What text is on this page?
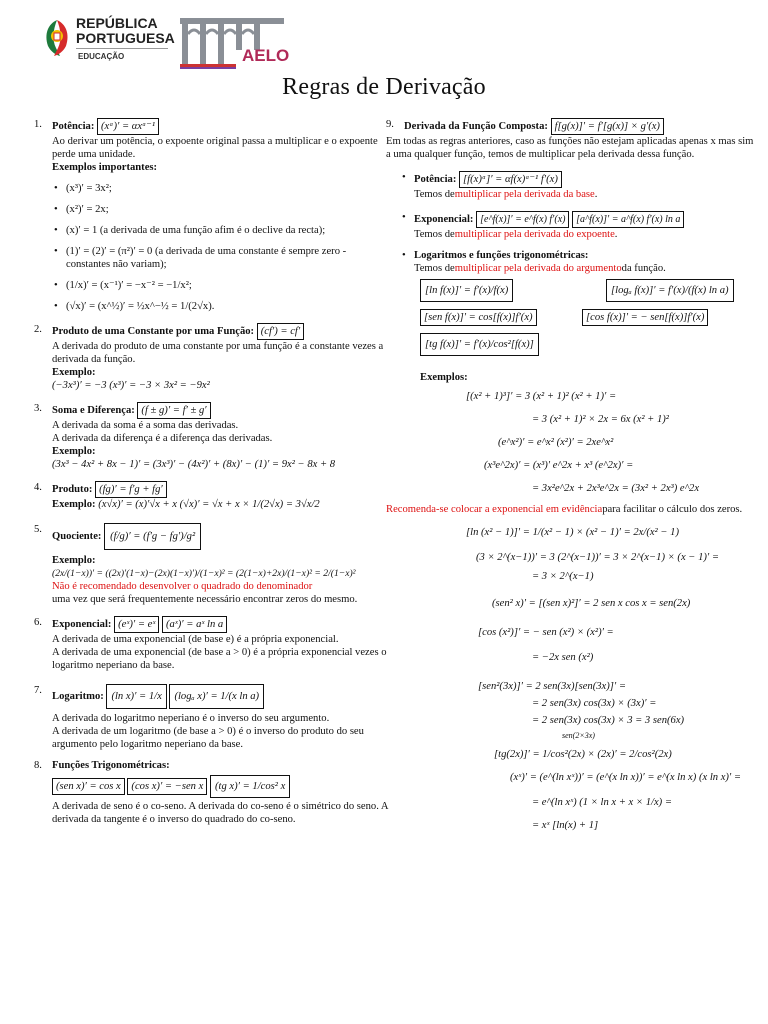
REPÚBLICA
PORTUGUESA
EDUCAÇÃO	AELO
Regras de Derivação
1. Potência: (xᵅ)′ = αxᵅ⁻¹
Ao derivar um potência, o expoente original passa a multiplicar e o expoente perde uma unidade.
Exemplos importantes:
• (x³)′ = 3x²;
• (x²)′ = 2x;
• (x)′ = 1 (a derivada de uma função afim é o declive da recta);
• (1)′ = (2)′ = (π²)′ = 0 (a derivada de uma constante é sempre zero - constantes não variam);
• (1/x)′ = (x⁻¹)′ = −x⁻² = −1/x²;
• (√x)′ = (x^½)′ = ½x^−½ = 1/(2√x).
2. Produto de uma Constante por uma Função: (cf′) = cf′
A derivada do produto de uma constante por uma função é a constante vezes a derivada da função.
Exemplo:
(−3x³)′ = −3 (x³)′ = −3 × 3x² = −9x²
3. Soma e Diferença: (f ± g)′ = f′ ± g′
A derivada da soma é a soma das derivadas.
A derivada da diferença é a diferença das derivadas.
Exemplo:
(3x³ − 4x² + 8x − 1)′ = (3x³)′ − (4x²)′ + (8x)′ − (1)′ = 9x² − 8x + 8
4. Produto: (fg)′ = f′g + fg′
Exemplo: (x√x)′ = (x)′√x + x (√x)′ = √x + x × 1/(2√x) = 3√x/2
5.
Quociente: (f/g)′ = (f′g − fg′)/g²
Exemplo:
(2x/(1−x))′ = ((2x)′(1−x)−(2x)(1−x)′)/(1−x)² = (2(1−x)+2x)/(1−x)² = 2/(1−x)²
Não é recomendado desenvolver o quadrado do denominador
uma vez que será frequentemente necessário encontrar zeros do mesmo.
6. Exponencial: (eˣ)′ = eˣ (aˣ)′ = aˣ ln a
A derivada de uma exponencial (de base e) é a própria exponencial.
A derivada de uma exponencial (de base a > 0) é a própria exponencial vezes o logaritmo neperiano da base.
7.
Logaritmo: (ln x)′ = 1/x (logₐ x)′ = 1/(x ln a)
A derivada do logaritmo neperiano é o inverso do seu argumento.
A derivada de um logaritmo (de base a > 0) é o inverso do produto do seu argumento pelo logaritmo neperiano da base.
8. Funções Trigonométricas:
(sen x)′ = cos x (cos x)′ = −sen x (tg x)′ = 1/cos² x
A derivada de seno é o co-seno. A derivada do co-seno é o simétrico do seno. A derivada da tangente é o inverso do quadrado do co-seno.
9. Derivada da Função Composta: f[g(x)]′ = f′[g(x)] × g′(x)
Em todas as regras anteriores, caso as funções não estejam aplicadas apenas x mas sim a uma qualquer função, temos de multiplicar pela derivada dessa função.
• Potência: [f(x)ᵅ]′ = αf(x)ᵅ⁻¹ f′(x)
Temos demultiplicar pela derivada da base.
• Exponencial: [e^f(x)]′ = e^f(x) f′(x) [a^f(x)]′ = a^f(x) f′(x) ln a
Temos demultiplicar pela derivada do expoente.
• Logaritmos e funções trigonométricas:
Temos demultiplicar pela derivada do argumentoda função.
[ln f(x)]′ = f′(x)/f(x)	[logₐ f(x)]′ = f′(x)/(f(x) ln a)
[sen f(x)]′ = cos[f(x)]f′(x)	[cos f(x)]′ = − sen[f(x)]f′(x)
[tg f(x)]′ = f′(x)/cos²[f(x)]
Exemplos:
[(x² + 1)³]′ = 3 (x² + 1)² (x² + 1)′ =
= 3 (x² + 1)² × 2x = 6x (x² + 1)²
(e^x²)′ = e^x² (x²)′ = 2xe^x²
(x³e^2x)′ = (x³)′ e^2x + x³ (e^2x)′ =
= 3x²e^2x + 2x³e^2x = (3x² + 2x³) e^2x
Recomenda-se colocar a exponencial em evidênciapara facilitar o cálculo dos zeros.
[ln (x² − 1)]′ = 1/(x² − 1) × (x² − 1)′ = 2x/(x² − 1)
(3 × 2^(x−1))′ = 3 (2^(x−1))′ = 3 × 2^(x−1) × (x − 1)′ =
= 3 × 2^(x−1)
(sen² x)′ = [(sen x)²]′ = 2 sen x cos x = sen(2x)
[cos (x²)]′ = − sen (x²) × (x²)′ =
= −2x sen (x²)
[sen²(3x)]′ = 2 sen(3x)[sen(3x)]′ =
= 2 sen(3x) cos(3x) × (3x)′ =
= 2 sen(3x) cos(3x) × 3 = 3 sen(6x)
sen(2×3x)
[tg(2x)]′ = 1/cos²(2x) × (2x)′ = 2/cos²(2x)
(xˣ)′ = (e^(ln xˣ))′ = (e^(x ln x))′ = e^(x ln x) (x ln x)′ =
= e^(ln xˣ) (1 × ln x + x × 1/x) =
= xˣ [ln(x) + 1]
